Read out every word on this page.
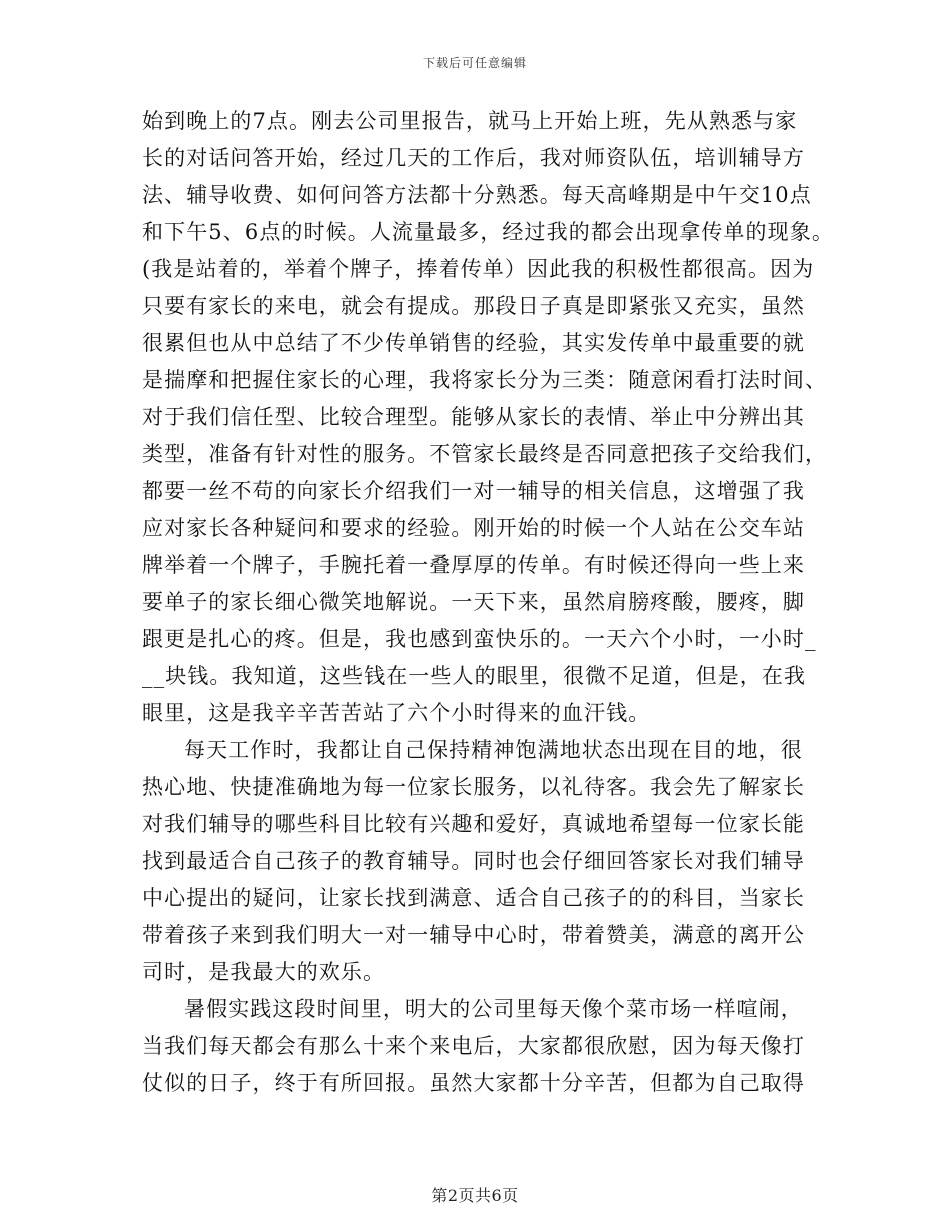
下载后可任意编辑
始到晚上的7点。刚去公司里报告，就马上开始上班，先从熟悉与家
长的对话问答开始，经过几天的工作后，我对师资队伍，培训辅导方
法、辅导收费、如何问答方法都十分熟悉。每天高峰期是中午交10点
和下午5、6点的时候。人流量最多，经过我的都会出现拿传单的现象。
(我是站着的，举着个牌子，捧着传单）因此我的积极性都很高。因为
只要有家长的来电，就会有提成。那段日子真是即紧张又充实，虽然
很累但也从中总结了不少传单销售的经验，其实发传单中最重要的就
是揣摩和把握住家长的心理，我将家长分为三类：随意闲看打法时间、
对于我们信任型、比较合理型。能够从家长的表情、举止中分辨出其
类型，准备有针对性的服务。不管家长最终是否同意把孩子交给我们，
都要一丝不苟的向家长介绍我们一对一辅导的相关信息，这增强了我
应对家长各种疑问和要求的经验。刚开始的时候一个人站在公交车站
牌举着一个牌子，手腕托着一叠厚厚的传单。有时候还得向一些上来
要单子的家长细心微笑地解说。一天下来，虽然肩膀疼酸，腰疼，脚
跟更是扎心的疼。但是，我也感到蛮快乐的。一天六个小时，一小时_
__块钱。我知道，这些钱在一些人的眼里，很微不足道，但是，在我
眼里，这是我辛辛苦苦站了六个小时得来的血汗钱。
每天工作时，我都让自己保持精神饱满地状态出现在目的地，很
热心地、快捷准确地为每一位家长服务，以礼待客。我会先了解家长
对我们辅导的哪些科目比较有兴趣和爱好，真诚地希望每一位家长能
找到最适合自己孩子的教育辅导。同时也会仔细回答家长对我们辅导
中心提出的疑问，让家长找到满意、适合自己孩子的的科目，当家长
带着孩子来到我们明大一对一辅导中心时，带着赞美，满意的离开公
司时，是我最大的欢乐。
暑假实践这段时间里，明大的公司里每天像个菜市场一样喧闹，
当我们每天都会有那么十来个来电后，大家都很欣慰，因为每天像打
仗似的日子，终于有所回报。虽然大家都十分辛苦，但都为自己取得
第2页共6页
